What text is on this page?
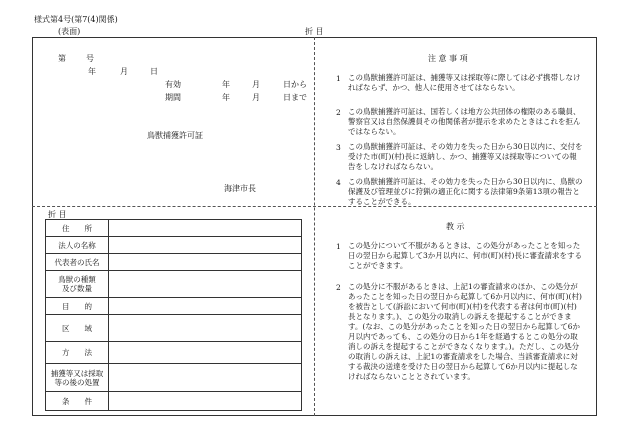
様式第4号(第7(4)関係)
(表面)	折 目
第	号
年	月	日
有効	年	月	日から
期間	年	月	日まで
鳥獣捕獲許可証
海津市長
注 意 事 項
1 この鳥獣捕獲許可証は、捕獲等又は採取等に際しては必ず携帯しなければならず、かつ、他人に使用させてはならない。
2 この鳥獣捕獲許可証は、国若しくは地方公共団体の権限のある職員、警察官又は自然保護員その他関係者が提示を求めたときはこれを拒んではならない。
3 この鳥獣捕獲許可証は、その効力を失った日から30日以内に、交付を受けた市(町)(村)長に返納し、かつ、捕獲等又は採取等についての報告をしなければならない。
4 この鳥獣捕獲許可証は、その効力を失った日から30日以内に、鳥獣の保護及び管理並びに狩猟の適正化に関する法律第9条第13項の報告とすることができる。
折 目
住　　所	
法人の名称	
代表者の氏名	
鳥獣の種類
及び数量	
目　　的	
区　　域	
方　　法	
捕獲等又は採取
等の後の処置	
条　　件	
教 示
1 この処分について不服があるときは、この処分があったことを知った日の翌日から起算して3か月以内に、何市(町)(村)長に審査請求をすることができます。
2 この処分に不服があるときは、上記1の審査請求のほか、この処分があったことを知った日の翌日から起算して6か月以内に、何市(町)(村)を被告として(訴訟において何市(町)(村)を代表する者は何市(町)(村)長となります。)、この処分の取消しの訴えを提起することができます。(なお、この処分があったことを知った日の翌日から起算して6か月以内であっても、この処分の日から1年を経過するとこの処分の取消しの訴えを提起することができなくなります。)。ただし、この処分の取消しの訴えは、上記1の審査請求をした場合、当該審査請求に対する裁決の送達を受けた日の翌日から起算して6か月以内に提起しなければならないこととされています。
